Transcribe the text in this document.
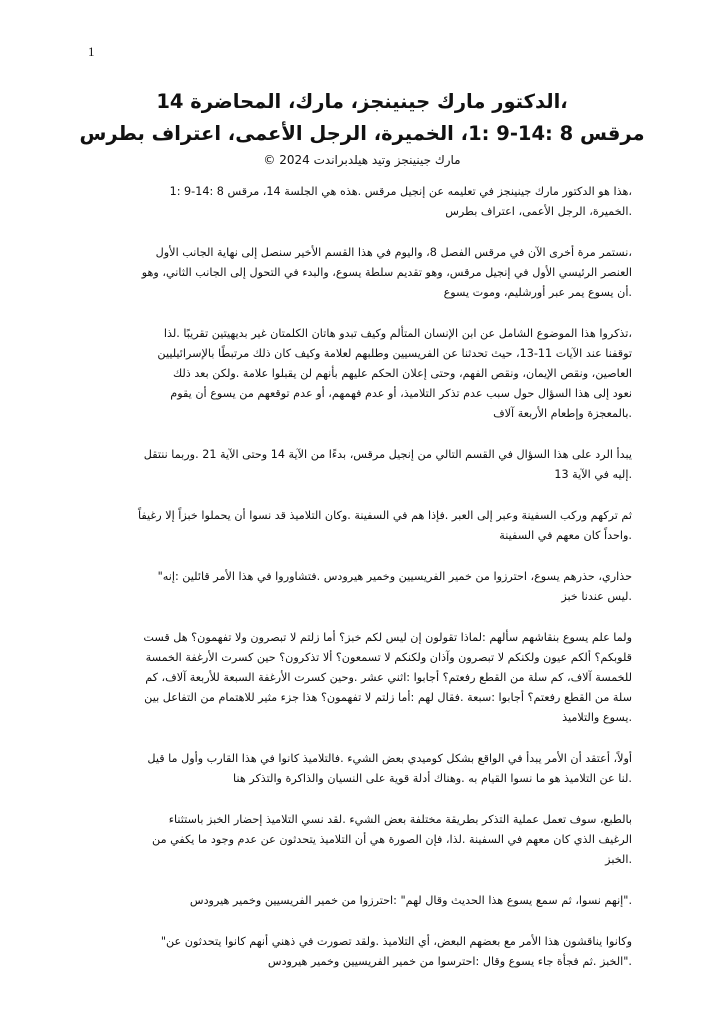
1

،الدكتور مارك جينينجز، مارك، المحاضرة 14

مرقس 8 :14-9 :1، الخميرة، الرجل الأعمى، اعتراف بطرس

مارك جينينجز وتيد هيلدبراندت 2024 ©

،هذا هو الدكتور مارك جينينجز في تعليمه عن إنجيل مرقس .هذه هي الجلسة 14، مرقس 8 :14-9 :1
.الخميرة، الرجل الأعمى، اعتراف بطرس

،نستمر مرة أخرى الآن في مرقس الفصل 8، واليوم في هذا القسم الأخير سنصل إلى نهاية الجانب الأول
العنصر الرئيسي الأول في إنجيل مرقس، وهو تقديم سلطة يسوع، والبدء في التحول إلى الجانب الثاني، وهو
.أن يسوع يمر عبر أورشليم، وموت يسوع

،تذكروا هذا الموضوع الشامل عن ابن الإنسان المتألم وكيف تبدو هاتان الكلمتان غير بديهيتين تقريبًا .لذا
توقفنا عند الآيات 11-13، حيث تحدثنا عن الفريسيين وطلبهم لعلامة وكيف كان ذلك مرتبطًا بالإسرائيليين
العاصين، ونقص الإيمان، ونقص الفهم، وحتى إعلان الحكم عليهم بأنهم لن يقبلوا علامة .ولكن بعد ذلك
نعود إلى هذا السؤال حول سبب عدم تذكر التلاميذ، أو عدم فهمهم، أو عدم توقعهم من يسوع أن يقوم
.بالمعجزة وإطعام الأربعة آلاف

يبدأ الرد على هذا السؤال في القسم التالي من إنجيل مرقس، بدءًا من الآية 14 وحتى الآية 21 .وربما ننتقل
.إليه في الآية 13

ثم تركهم وركب السفينة وعبر إلى العبر .فإذا هم في السفينة .وكان التلاميذ قد نسوا أن يحملوا خبزاً إلا رغيفاً
.واحداً كان معهم في السفينة

حذاري، حذرهم يسوع، احترزوا من خمير الفريسيين وخمير هيرودس .فتشاوروا في هذا الأمر قائلين :إنه"
.ليس عندنا خبز

ولما علم يسوع بنقاشهم سألهم :لماذا تقولون إن ليس لكم خبز؟ أما زلتم لا تبصرون ولا تفهمون؟ هل قست
قلوبكم؟ ألكم عيون ولكنكم لا تبصرون وآذان ولكنكم لا تسمعون؟ ألا تذكرون؟ حين كسرت الأرغفة الخمسة
للخمسة آلاف، كم سلة من القطع رفعتم؟ أجابوا :اثني عشر .وحين كسرت الأرغفة السبعة للأربعة آلاف، كم
سلة من القطع رفعتم؟ أجابوا :سبعة .فقال لهم :أما زلتم لا تفهمون؟ هذا جزء مثير للاهتمام من التفاعل بين
.يسوع والتلاميذ

أولاً، أعتقد أن الأمر يبدأ في الواقع بشكل كوميدي بعض الشيء .فالتلاميذ كانوا في هذا القارب وأول ما قيل
.لنا عن التلاميذ هو ما نسوا القيام به .وهناك أدلة قوية على النسيان والذاكرة والتذكر هنا

بالطبع، سوف تعمل عملية التذكر بطريقة مختلفة بعض الشيء .لقد نسي التلاميذ إحضار الخبز باستثناء
الرغيف الذي كان معهم في السفينة .لذا، فإن الصورة هي أن التلاميذ يتحدثون عن عدم وجود ما يكفي من
.الخبز

."إنهم نسوا، ثم سمع يسوع هذا الحديث وقال لهم" :احترزوا من خمير الفريسيين وخمير هيرودس

وكانوا يناقشون هذا الأمر مع بعضهم البعض، أي التلاميذ .ولقد تصورت في ذهني أنهم كانوا يتحدثون عن"
."الخبز .ثم فجأة جاء يسوع وقال :احترسوا من خمير الفريسيين وخمير هيرودس
